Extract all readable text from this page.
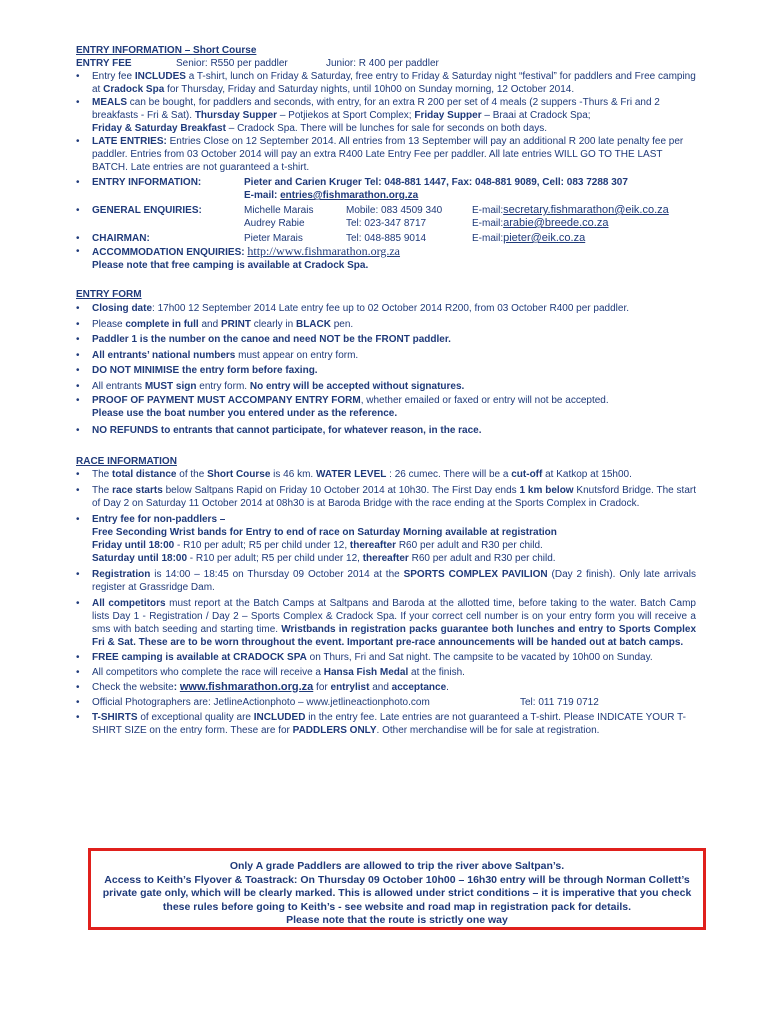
ENTRY INFORMATION – Short Course
ENTRY FEE	Senior: R550 per paddler	Junior: R 400 per paddler
• Entry fee INCLUDES a T-shirt, lunch on Friday & Saturday, free entry to Friday & Saturday night “festival” for paddlers and Free camping at Cradock Spa for Thursday, Friday and Saturday nights, until 10h00 on Sunday morning, 12 October 2014.
• MEALS can be bought, for paddlers and seconds, with entry, for an extra R 200 per set of 4 meals (2 suppers -Thurs & Fri and 2 breakfasts - Fri & Sat). Thursday Supper – Potjiekos at Sport Complex; Friday Supper – Braai at Cradock Spa;
Friday & Saturday Breakfast – Cradock Spa. There will be lunches for sale for seconds on both days.
• LATE ENTRIES: Entries Close on 12 September 2014. All entries from 13 September will pay an additional R 200 late penalty fee per paddler. Entries from 03 October 2014 will pay an extra R400 Late Entry Fee per paddler. All late entries WILL GO TO THE LAST BATCH. Late entries are not guaranteed a t-shirt.
• ENTRY INFORMATION:	Pieter and Carien Kruger Tel: 048-881 1447, Fax: 048-881 9089, Cell: 083 7288 307
E-mail: entries@fishmarathon.org.za
• GENERAL ENQUIRIES:	Michelle Marais	Mobile: 083 4509 340	E-mail: secretary.fishmarathon@eik.co.za
Audrey Rabie	Tel: 023-347 8717	E-mail: arabie@breede.co.za
• CHAIRMAN:	Pieter Marais	Tel: 048-885 9014	E-mail: pieter@eik.co.za
• ACCOMMODATION ENQUIRIES: http://www.fishmarathon.org.za
Please note that free camping is available at Cradock Spa.
ENTRY FORM
• Closing date: 17h00 12 September 2014 Late entry fee up to 02 October 2014 R200, from 03 October R400 per paddler.
• Please complete in full and PRINT clearly in BLACK pen.
• Paddler 1 is the number on the canoe and need NOT be the FRONT paddler.
• All entrants’ national numbers must appear on entry form.
• DO NOT MINIMISE the entry form before faxing.
• All entrants MUST sign entry form. No entry will be accepted without signatures.
• PROOF OF PAYMENT MUST ACCOMPANY ENTRY FORM, whether emailed or faxed or entry will not be accepted.
Please use the boat number you entered under as the reference.
• NO REFUNDS to entrants that cannot participate, for whatever reason, in the race.
RACE INFORMATION
• The total distance of the Short Course is 46 km. WATER LEVEL : 26 cumec. There will be a cut-off at Katkop at 15h00.
• The race starts below Saltpans Rapid on Friday 10 October 2014 at 10h30. The First Day ends 1 km below Knutsford Bridge. The start of Day 2 on Saturday 11 October 2014 at 08h30 is at Baroda Bridge with the race ending at the Sports Complex in Cradock.
• Entry fee for non-paddlers –
Free Seconding Wrist bands for Entry to end of race on Saturday Morning available at registration
Friday until 18:00 - R10 per adult; R5 per child under 12, thereafter R60 per adult and R30 per child.
Saturday until 18:00 - R10 per adult; R5 per child under 12, thereafter R60 per adult and R30 per child.
• Registration is 14:00 – 18:45 on Thursday 09 October 2014 at the SPORTS COMPLEX PAVILION (Day 2 finish). Only late arrivals register at Grassridge Dam.
• All competitors must report at the Batch Camps at Saltpans and Baroda at the allotted time, before taking to the water. Batch Camp lists Day 1 - Registration / Day 2 – Sports Complex & Cradock Spa. If your correct cell number is on your entry form you will receive a sms with batch seeding and starting time. Wristbands in registration packs guarantee both lunches and entry to Sports Complex Fri & Sat. These are to be worn throughout the event. Important pre-race announcements will be handed out at batch camps.
• FREE camping is available at CRADOCK SPA on Thurs, Fri and Sat night. The campsite to be vacated by 10h00 on Sunday.
• All competitors who complete the race will receive a Hansa Fish Medal at the finish.
• Check the website: www.fishmarathon.org.za for entrylist and acceptance.
• Official Photographers are: JetlineActionphoto – www.jetlineactionphoto.com	Tel: 011 719 0712
• T-SHIRTS of exceptional quality are INCLUDED in the entry fee. Late entries are not guaranteed a T-shirt. Please INDICATE YOUR T-SHIRT SIZE on the entry form. These are for PADDLERS ONLY. Other merchandise will be for sale at registration.
Only A grade Paddlers are allowed to trip the river above Saltpan’s.
Access to Keith’s Flyover & Toastrack: On Thursday 09 October 10h00 – 16h30 entry will be through Norman Collett’s private gate only, which will be clearly marked. This is allowed under strict conditions – it is imperative that you check these rules before going to Keith’s - see website and road map in registration pack for details.
Please note that the route is strictly one way
